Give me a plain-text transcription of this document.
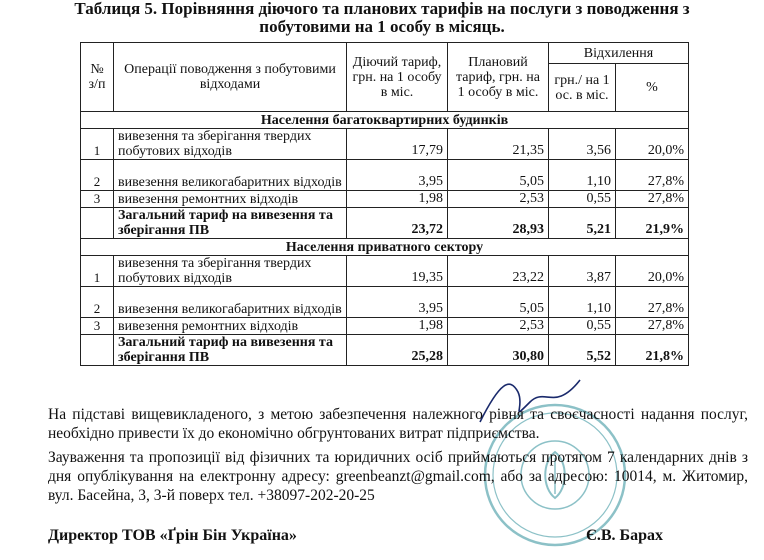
Таблиця 5. Порівняння діючого та планових тарифів на послуги з поводження з
побутовими на 1 особу в місяць.
№ з/п	Операції поводження з побутовими відходами	Діючий тариф, грн. на 1 особу в міс.	Плановий тариф, грн. на 1 особу в міс.	Відхилення	
				грн./ на 1 ос. в міс.	%
Населення багатоквартирних будинків					
1	вивезення та зберігання твердих побутових відходів	17,79	21,35	3,56	20,0%
2	вивезення великогабаритних відходів	3,95	5,05	1,10	27,8%
3	вивезення ремонтних відходів	1,98	2,53	0,55	27,8%
	Загальний тариф на вивезення та зберігання ПВ	23,72	28,93	5,21	21,9%
Населення приватного сектору					
1	вивезення та зберігання твердих побутових відходів	19,35	23,22	3,87	20,0%
2	вивезення великогабаритних відходів	3,95	5,05	1,10	27,8%
3	вивезення ремонтних відходів	1,98	2,53	0,55	27,8%
	Загальний тариф на вивезення та зберігання ПВ	25,28	30,80	5,52	21,8%
На підставі вищевикладеного, з метою забезпечення належного рівня та своєчасності надання послуг, необхідно привести їх до економічно обгрунтованих витрат підприємства.
Зауваження та пропозиції від фізичних та юридичних осіб приймаються протягом 7 календарних днів з дня опублікування на електронну адресу: greenbeanzt@gmail.com, або за адресою: 10014, м. Житомир, вул. Басейна, 3, 3-й поверх тел. +38097-202-20-25
Директор ТОВ «Ґрін Бін Україна»	Є.В. Барах
